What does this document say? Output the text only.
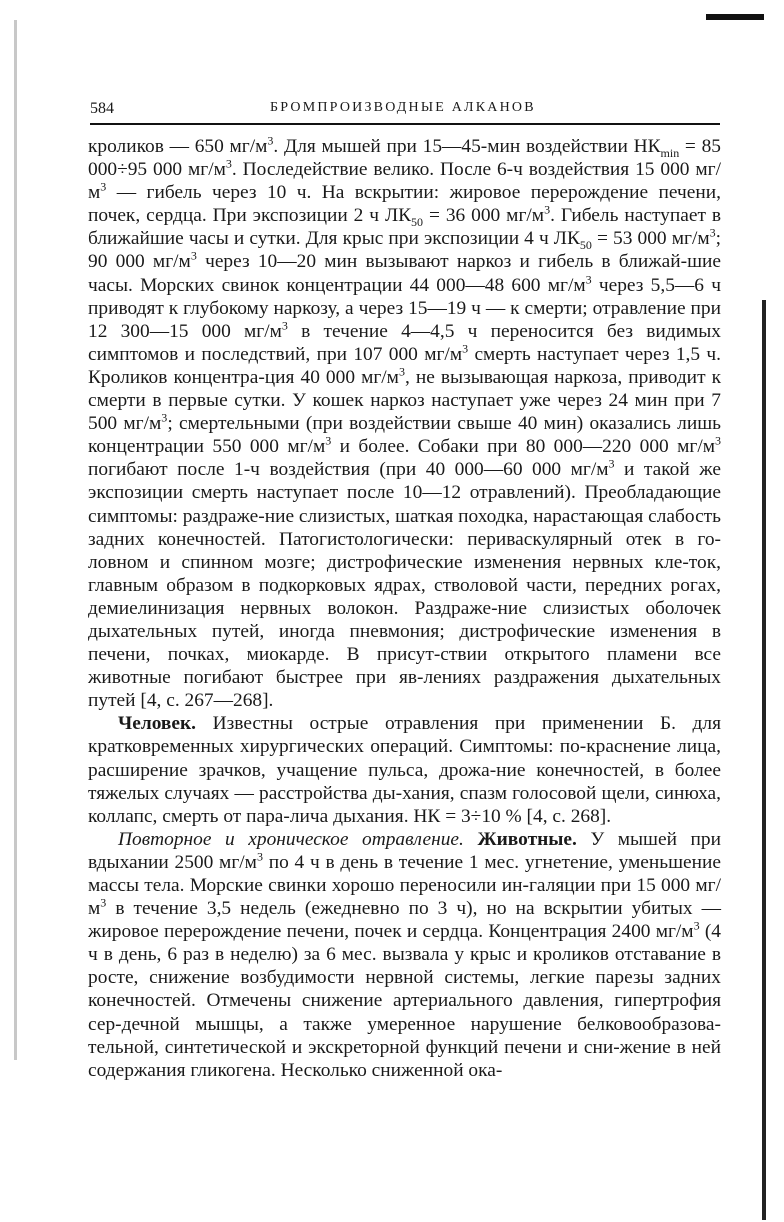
584	БРОМПРОИЗВОДНЫЕ АЛКАНОВ

кроликов — 650 $мг/м^3$. Для мышей при 15—45-мин воздействии $НК_{min} = 85$ 000÷95 000 $мг/м^3$. Последействие велико. После 6-ч воздействия 15 000 $мг/м^3$ — гибель через 10 ч. На вскрытии: жировое перерождение печени, почек, сердца. При экспозиции 2 ч $ЛК_{50} = 36$ 000 $мг/м^3$. Гибель наступает в ближайшие часы и сутки. Для крыс при экспозиции 4 ч $ЛК_{50} = 53$ 000 $мг/м^3$; 90 000 $мг/м^3$ через 10—20 мин вызывают наркоз и гибель в ближай-шие часы. Морских свинок концентрации 44 000—48 600 $мг/м^3$ через 5,5—6 ч приводят к глубокому наркозу, а через 15—19 ч — к смерти; отравление при 12 300—15 000 $мг/м^3$ в течение 4—4,5 ч переносится без видимых симптомов и последствий, при 107 000 $мг/м^3$ смерть наступает через 1,5 ч. Кроликов концентра-ция 40 000 $мг/м^3$, не вызывающая наркоза, приводит к смерти в первые сутки. У кошек наркоз наступает уже через 24 мин при 7 500 $мг/м^3$; смертельными (при воздействии свыше 40 мин) оказались лишь концентрации 550 000 $мг/м^3$ и более. Собаки при 80 000—220 000 $мг/м^3$ погибают после 1-ч воздействия (при 40 000—60 000 $мг/м^3$ и такой же экспозиции смерть наступает после 10—12 отравлений). Преобладающие симптомы: раздраже-ние слизистых, шаткая походка, нарастающая слабость задних конечностей. Патогистологически: периваскулярный отек в го-ловном и спинном мозге; дистрофические изменения нервных кле-ток, главным образом в подкорковых ядрах, стволовой части, передних рогах, демиелинизация нервных волокон. Раздраже-ние слизистых оболочек дыхательных путей, иногда пневмония; дистрофические изменения в печени, почках, миокарде. В присут-ствии открытого пламени все животные погибают быстрее при яв-лениях раздражения дыхательных путей [4, с. 267—268].

Человек. Известны острые отравления при применении Б. для кратковременных хирургических операций. Симптомы: по-краснение лица, расширение зрачков, учащение пульса, дрожа-ние конечностей, в более тяжелых случаях — расстройства ды-хания, спазм голосовой щели, синюха, коллапс, смерть от пара-лича дыхания. НК = 3÷10 % [4, с. 268].

Повторное и хроническое отравление. Животные. У мышей при вдыхании 2500 $мг/м^3$ по 4 ч в день в течение 1 мес. угнетение, уменьшение массы тела. Морские свинки хорошо переносили ин-галяции при 15 000 $мг/м^3$ в течение 3,5 недель (ежедневно по 3 ч), но на вскрытии убитых — жировое перерождение печени, почек и сердца. Концентрация 2400 $мг/м^3$ (4 ч в день, 6 раз в неделю) за 6 мес. вызвала у крыс и кроликов отставание в росте, снижение возбудимости нервной системы, легкие парезы задних конечностей. Отмечены снижение артериального давления, гипертрофия сер-дечной мышцы, а также умеренное нарушение белковообразова-тельной, синтетической и экскреторной функций печени и сни-жение в ней содержания гликогена. Несколько сниженной ока-
